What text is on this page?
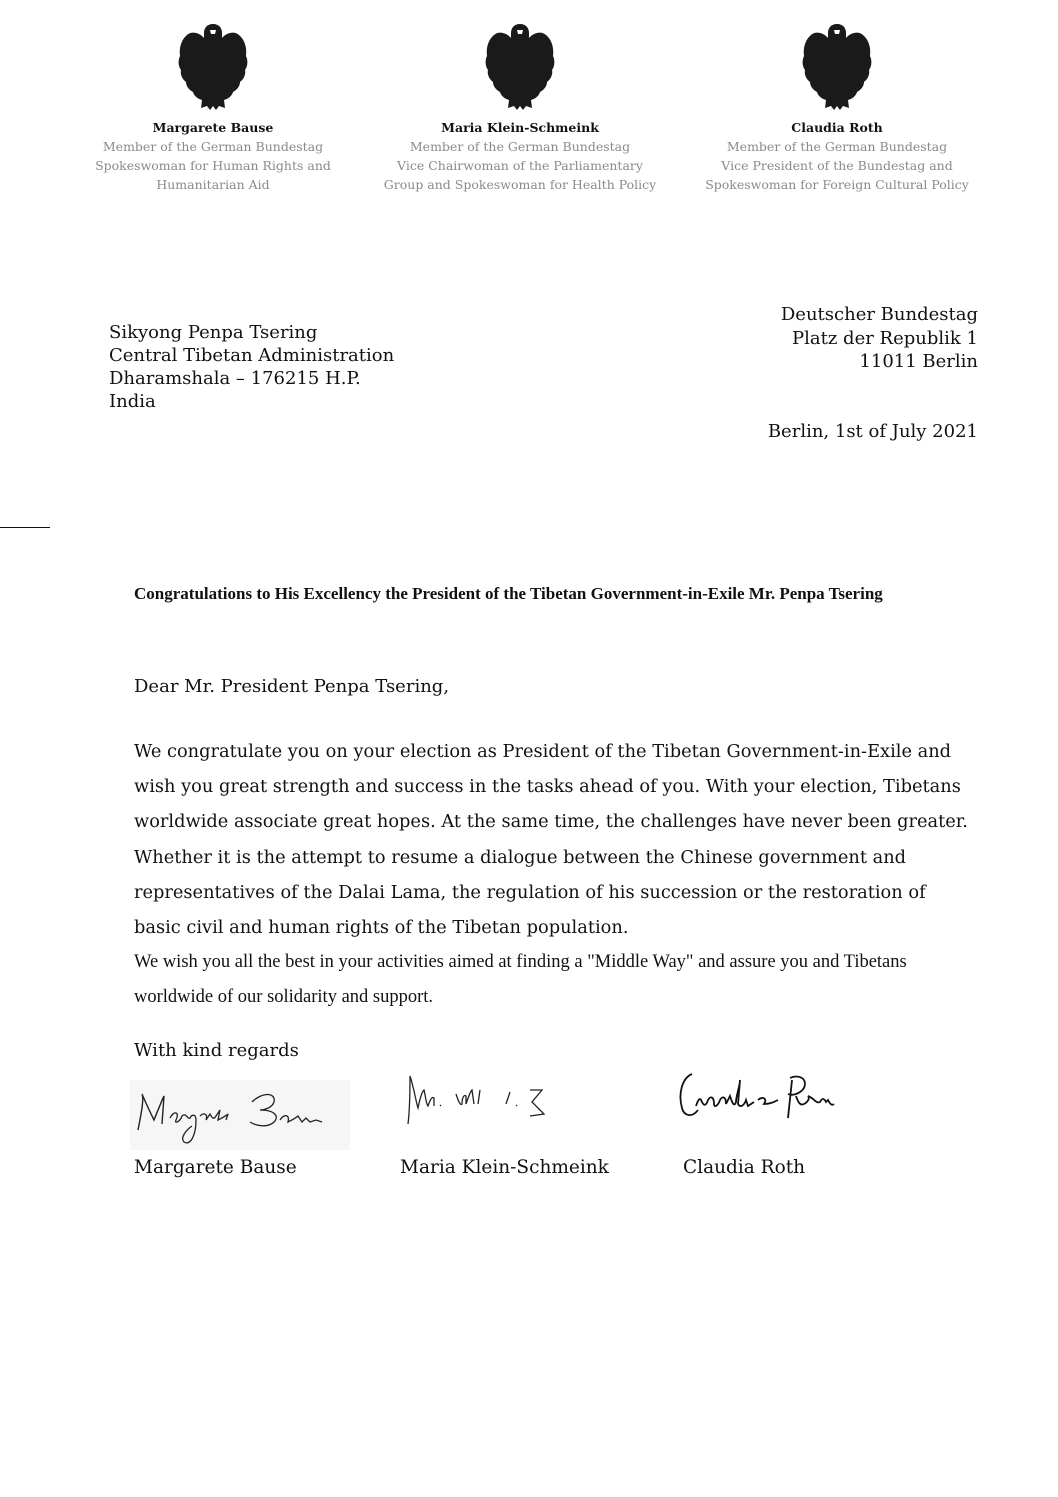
Margarete Bause
Member of the German Bundestag
Spokeswoman for Human Rights and
Humanitarian Aid
Maria Klein-Schmeink
Member of the German Bundestag
Vice Chairwoman of the Parliamentary
Group and Spokeswoman for Health Policy
Claudia Roth
Member of the German Bundestag
Vice President of the Bundestag and
Spokeswoman for Foreign Cultural Policy
Sikyong Penpa Tsering
Central Tibetan Administration
Dharamshala – 176215 H.P.
India
Deutscher Bundestag
Platz der Republik 1
11011 Berlin
Berlin, 1st of July 2021
Congratulations to His Excellency the President of the Tibetan Government-in-Exile Mr. Penpa Tsering
Dear Mr. President Penpa Tsering,

We congratulate you on your election as President of the Tibetan Government-in-Exile and wish you great strength and success in the tasks ahead of you. With your election, Tibetans worldwide associate great hopes. At the same time, the challenges have never been greater. Whether it is the attempt to resume a dialogue between the Chinese government and representatives of the Dalai Lama, the regulation of his succession or the restoration of basic civil and human rights of the Tibetan population.

We wish you all the best in your activities aimed at finding a "Middle Way" and assure you and Tibetans worldwide of our solidarity and support.

With kind regards
Margarete Bause	Maria Klein-Schmeink	Claudia Roth
